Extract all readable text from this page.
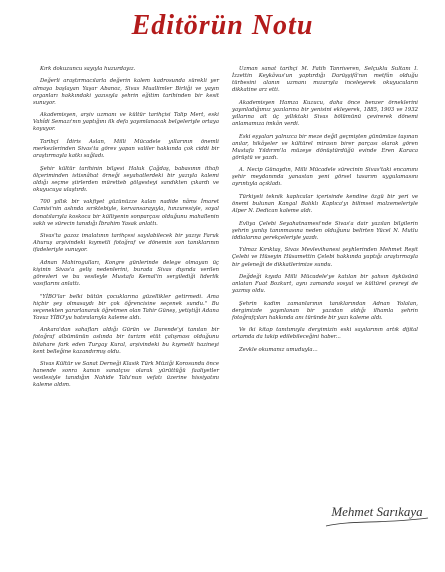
Editörün Notu

Kırk dokuzuncu sayıyla huzurdayız.

Değerli araştırmacılarla değerin kalem kadrosunda sürekli yer almaya başlayan Yaşar Abanoz, Sivas Muallimler Birliği ve yayın organları hakkındaki yazısıyla şehrin eğitim tarihinden bir kesit sunuyor.

Akademisyen, arşiv uzmanı ve kültür tarihçisi Talip Mert, eski Vahîdi Semazı'nın yaptığını ilk defa yayımlanacak belgeleriyle ortaya koyuyor.

Tarihçi İdiris Aslan, Milli Mücadele yıllarının önemli merkezlerinden Sivas'ta görev yapan valiler hakkında çok ciddi bir araştırmayla katkı sağladı.

Şehir kültür tarihinin bilgesi Haluk Çağdaş, babasının ithafı ölçeriminden istisnâhat örneği seyahatlerdeki bir yazıyla kalemi aldığı seçme şiirlerden müretteb gölgesteyi sandıkten çıkardı ve okuyucuya ulaştırdı.

700 yıllık bir vakfiyet güzünüzze kalan nadide nâms İmaret Camisi'nin aslında sırıktebiyle, kervansarayıyla, hınzuresiyle, soyal donatılarıyla koskoca bir külliyenin sonparçası olduğunu mahallenin saklı ve sürecin tanıdığı İbrahim Yasak anlattı.

Sivas'ta gazoz imalatının tarihçesi sayılabilecek bir yazıyı Faruk Ahuruş arşivindeki kıymetli fotoğraf ve dönemin son tanıklarının ifadeleriyle sunuyor.

Adnan Mahirogulları, Kongre günlerinde delege olmayan üç kişinin Sivas'a geliş nedenlerini, burada Sivas dışında verilen görevleri ve bu vesileyle Mustafa Kemal'in sergilediği liderlik vasıflarını anlattı.

"YİBO'lar belki bütün çocuklarına güzellikler getirmedi. Ama hiçbir şey olmasaydı bir çok öğrencisine seçenek sundu." Bu seçenekten yararlanarak öğretmen olan Tahir Güneş, yetiştiği Adana Yavuz YİBO'yu hatıralarıyla kaleme aldı.

Ankara'dan sahafları aldığı Gürün ve Darende'yi tanıtan bir fotoğraf albümünün aslında bir turizm etüt çalışması olduğunu bilahare fark eden Turgay Kural, arşivindeki bu kıymetli hazineyi kent belleğine kazandırmış oldu.

Sivas Kültür ve Sanat Derneği Klasik Türk Müziği Korosundu önce hanende sonra kanun sanatçısı olarak yürüttüğü faaliyetler vesilesiyle tanıdığın Nahide Talu'nun vefatı üzerine hissiyatını kaleme aldım.

Uzman sanat tarihçi M. Fatih Tanriveren, Selçuklu Sultanı I. İzzettin Keykâvus'un yaptırdığı Darüşşifâ'nın metfûn olduğu türbesini alanın uzmanı mızarıyla inceleyerek okuyucuların dikkatine arz etti.

Akademisyen Hamza Kuzucu, daha önce benzer örneklerini yayınladığımız yazılarına bir yenisini ekleyerek, 1885, 1903 ve 1932 yıllarına ait üç yıllıktaki Sivas bölümünü çevirerek dönemi anlamamıza imkân verdi.

Eski eşyaları yalnızca bir meze değil geçmişten günümüze taşınan anılar, hikâyeler ve kültürel mirasın birer parçası olarak gören Mustafa Yıldırım'la müzeye dönüştürdüğü evinde Eren Karaca görüştü ve yazdı.

A. Necip Günaydın, Milli Mücadele sürecinin Sivas'taki encamını şehir meydanında yanastan yeni görsel tasarım uygulamasını ayrıntıyla açıkladı.

Türkiyeli teknik kaplıcalar içerisinde kendine özgü bir yeri ve önemi bulunan Kangal Balıklı Kaplıca'yı bilimsel malzemeleriyle Alper N. Dedican kaleme aldı.

Evliya Çelebi Seyahatnamesi'nde Sivas'a dair yazılan bilgilerin şehrin yanlış tanınmasına neden olduğunu belirten Yücel N. Mutlu iddialarına gerekçeleriyle yazdı.

Yılmaz Kırıktaş, Sivas Mevlevihanesi şeyhlerinden Mehmet Reşit Çelebi ve Hüseyin Hüsamettin Çelebi hakkında yaptığı araştırmayla bir geleneği de dikkatlerimize sundu.

Değdeği kıyıda Milli Mücadele'ye katılan bir şahsın öyküsünü anlatan Fuat Bozkurt, aynı zamanda sosyal ve kültürel çevreyi de yazmış oldu.

Şehrin kadim zamanlarının tanıklarından Adnan Yolalan, dergimizde yayınlanan bir yazıdan aldığı ilhamla şehrin fotoğrafçıları hakkında anı türünde bir yazı kaleme aldı.

Ve iki kitap tanıtımıyla dergimizin eski sayılarının artık dijital ortamda da takip edilebileceğini haber...

Zevkle okumanız umuduyla...

Mehmet Sarıkaya
